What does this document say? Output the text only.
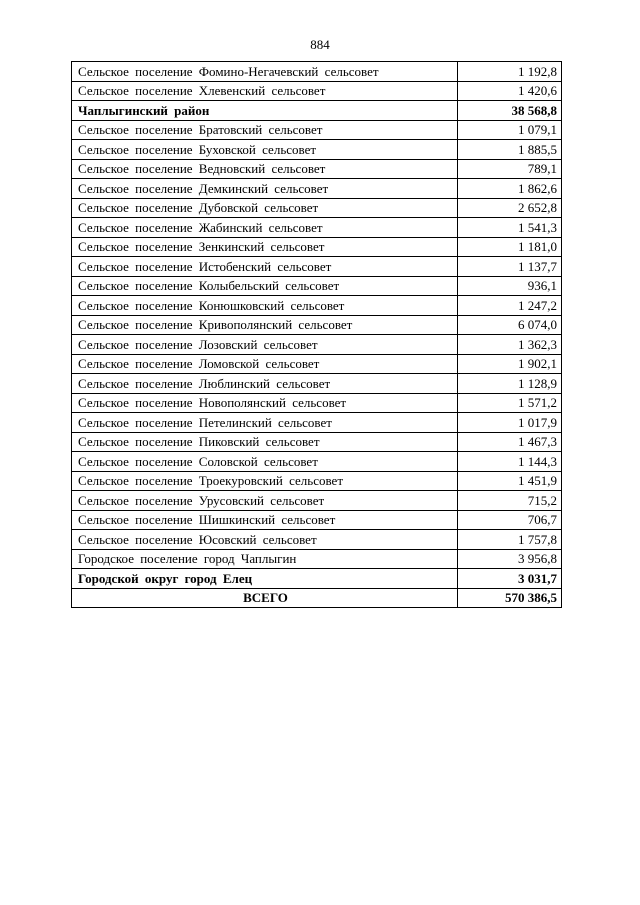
884
Сельское поселение Фомино-Негачевский сельсовет	1 192,8
Сельское поселение Хлевенский сельсовет	1 420,6
Чаплыгинский район	38 568,8
Сельское поселение Братовский сельсовет	1 079,1
Сельское поселение Буховской сельсовет	1 885,5
Сельское поселение Ведновский сельсовет	789,1
Сельское поселение Демкинский сельсовет	1 862,6
Сельское поселение Дубовской сельсовет	2 652,8
Сельское поселение Жабинский сельсовет	1 541,3
Сельское поселение Зенкинский сельсовет	1 181,0
Сельское поселение Истобенский сельсовет	1 137,7
Сельское поселение Колыбельский сельсовет	936,1
Сельское поселение Конюшковский сельсовет	1 247,2
Сельское поселение Кривополянский сельсовет	6 074,0
Сельское поселение Лозовский сельсовет	1 362,3
Сельское поселение Ломовской сельсовет	1 902,1
Сельское поселение Люблинский сельсовет	1 128,9
Сельское поселение Новополянский сельсовет	1 571,2
Сельское поселение Петелинский сельсовет	1 017,9
Сельское поселение Пиковский сельсовет	1 467,3
Сельское поселение Соловской сельсовет	1 144,3
Сельское поселение Троекуровский сельсовет	1 451,9
Сельское поселение Урусовский сельсовет	715,2
Сельское поселение Шишкинский сельсовет	706,7
Сельское поселение Юсовский сельсовет	1 757,8
Городское поселение город Чаплыгин	3 956,8
Городской округ город Елец	3 031,7
ВСЕГО	570 386,5
